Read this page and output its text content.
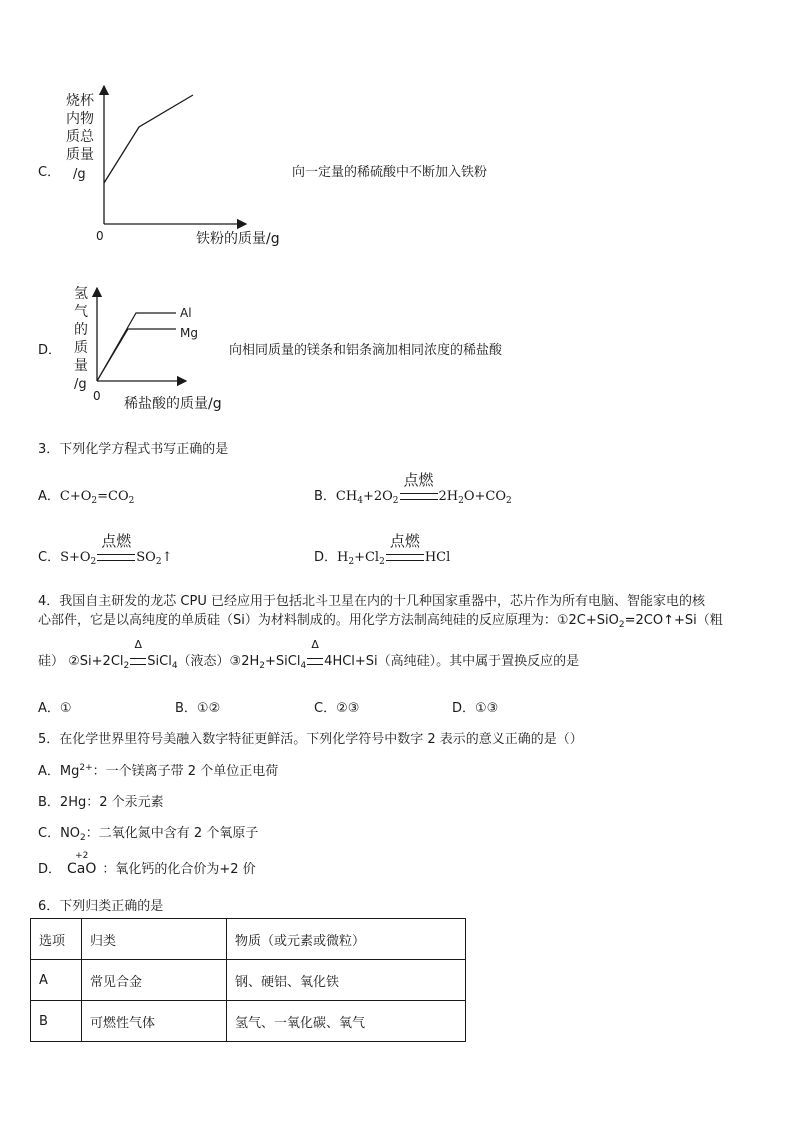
C．
烧杯
内物
质总
质量
/g
0	铁粉的质量/g
向一定量的稀硫酸中不断加入铁粉
D．
Al
Mg
氢
气
的
质
量
/g
0 稀盐酸的质量/g
向相同质量的镁条和铝条滴加相同浓度的稀盐酸
3．下列化学方程式书写正确的是
A．$C+O_2=CO_2$	B．$CH_4+2O_2$
点燃
$2H_2O+CO_2$
C．$S+O_2$
点燃
$SO_2↑$	D．$H_2+Cl_2$
点燃
HCl
4．我国自主研发的龙芯 CPU 已经应用于包括北斗卫星在内的十几种国家重器中，芯片作为所有电脑、智能家电的核
心部件，它是以高纯度的单质硅（Si）为材料制成的。用化学方法制高纯硅的反应原理为：①2C+SiO$_2$=2CO↑+Si（粗
硅） $②Si+2Cl_2$
Δ
SiCl$_4$（液态）$③2H_2+SiCl_4$
Δ
4HCl+Si（高纯硅）。其中属于置换反应的是
A．①	B．①②	C．②③	D．①③
5．在化学世界里符号美融入数字特征更鲜活。下列化学符号中数字 2 表示的意义正确的是（）
A．$Mg^{2+}$：一个镁离子带 2 个单位正电荷
B．2Hg：2 个汞元素
C．$NO_2$：二氧化氮中含有 2 个氧原子
D．
+2
CaO ：氧化钙的化合价为+2 价
6．下列归类正确的是
选项	归类	物质（或元素或微粒）
A	常见合金	钢、硬铝、氧化铁
B	可燃性气体	氢气、一氧化碳、氧气
